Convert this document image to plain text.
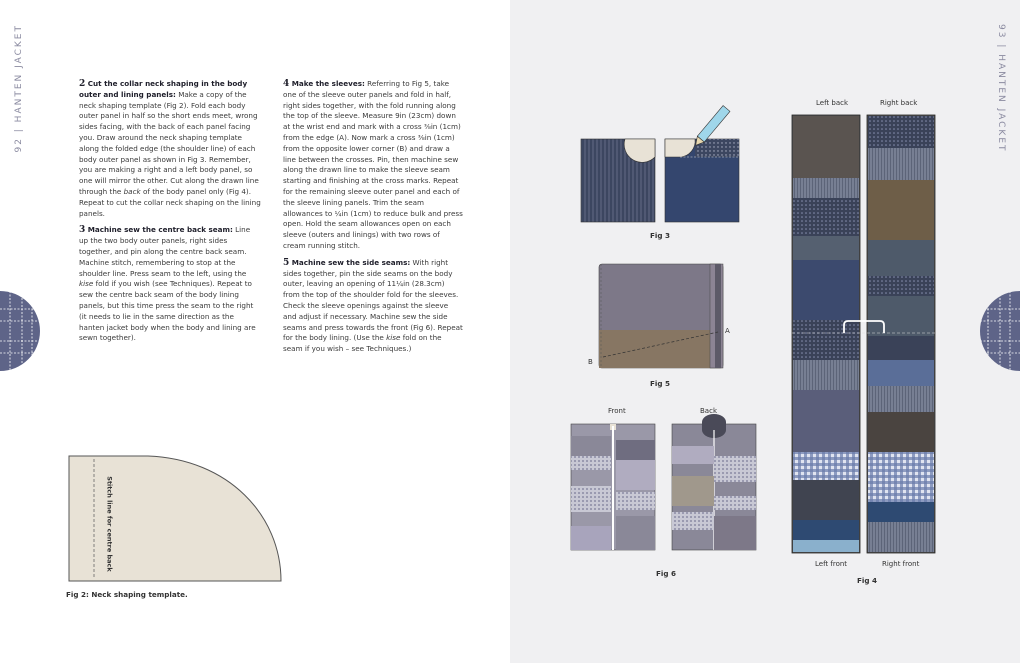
92 | HANTEN JACKET	2 Cut the collar neck shaping in the body outer and lining panels: Make a copy of the neck shaping template (Fig 2). Fold each body outer panel in half so the short ends meet, wrong sides facing, with the back of each panel facing you. Draw around the neck shaping template along the folded edge (the shoulder line) of each body outer panel as shown in Fig 3. Remember, you are making a right and a left body panel, so one will mirror the other. Cut along the drawn line through the back of the body panel only (Fig 4). Repeat to cut the collar neck shaping on the lining panels.

3 Machine sew the centre back seam: Line up the two body outer panels, right sides together, and pin along the centre back seam. Machine stitch, remembering to stop at the shoulder line. Press seam to the left, using the kise fold if you wish (see Techniques). Repeat to sew the centre back seam of the body lining panels, but this time press the seam to the right (it needs to lie in the same direction as the hanten jacket body when the body and lining are sewn together).

4 Make the sleeves: Referring to Fig 5, take one of the sleeve outer panels and fold in half, right sides together, with the fold running along the top of the sleeve. Measure 9in (23cm) down at the wrist end and mark with a cross ⅜in (1cm) from the edge (A). Now mark a cross ⅜in (1cm) from the opposite lower corner (B) and draw a line between the crosses. Pin, then machine sew along the drawn line to make the sleeve seam starting and finishing at the cross marks. Repeat for the remaining sleeve outer panel and each of the sleeve lining panels. Trim the seam allowances to ¼in (1cm) to reduce bulk and press open. Hold the seam allowances open on each sleeve (outers and linings) with two rows of cream running stitch.

5 Machine sew the side seams: With right sides together, pin the side seams on the body outer, leaving an opening of 11¼in (28.3cm) from the top of the shoulder fold for the sleeves. Check the sleeve openings against the sleeve and adjust if necessary. Machine sew the side seams and press towards the front (Fig 6). Repeat for the body lining. (Use the kise fold on the seam if you wish – see Techniques.)

Stitch line for centre back
Fig 2: Neck shaping template.
93 | HANTEN JACKET
Fig 3
A
B
Fig 5
Front	Back
Fig 6
Left back	Right back
Left front	Right front
Fig 4
